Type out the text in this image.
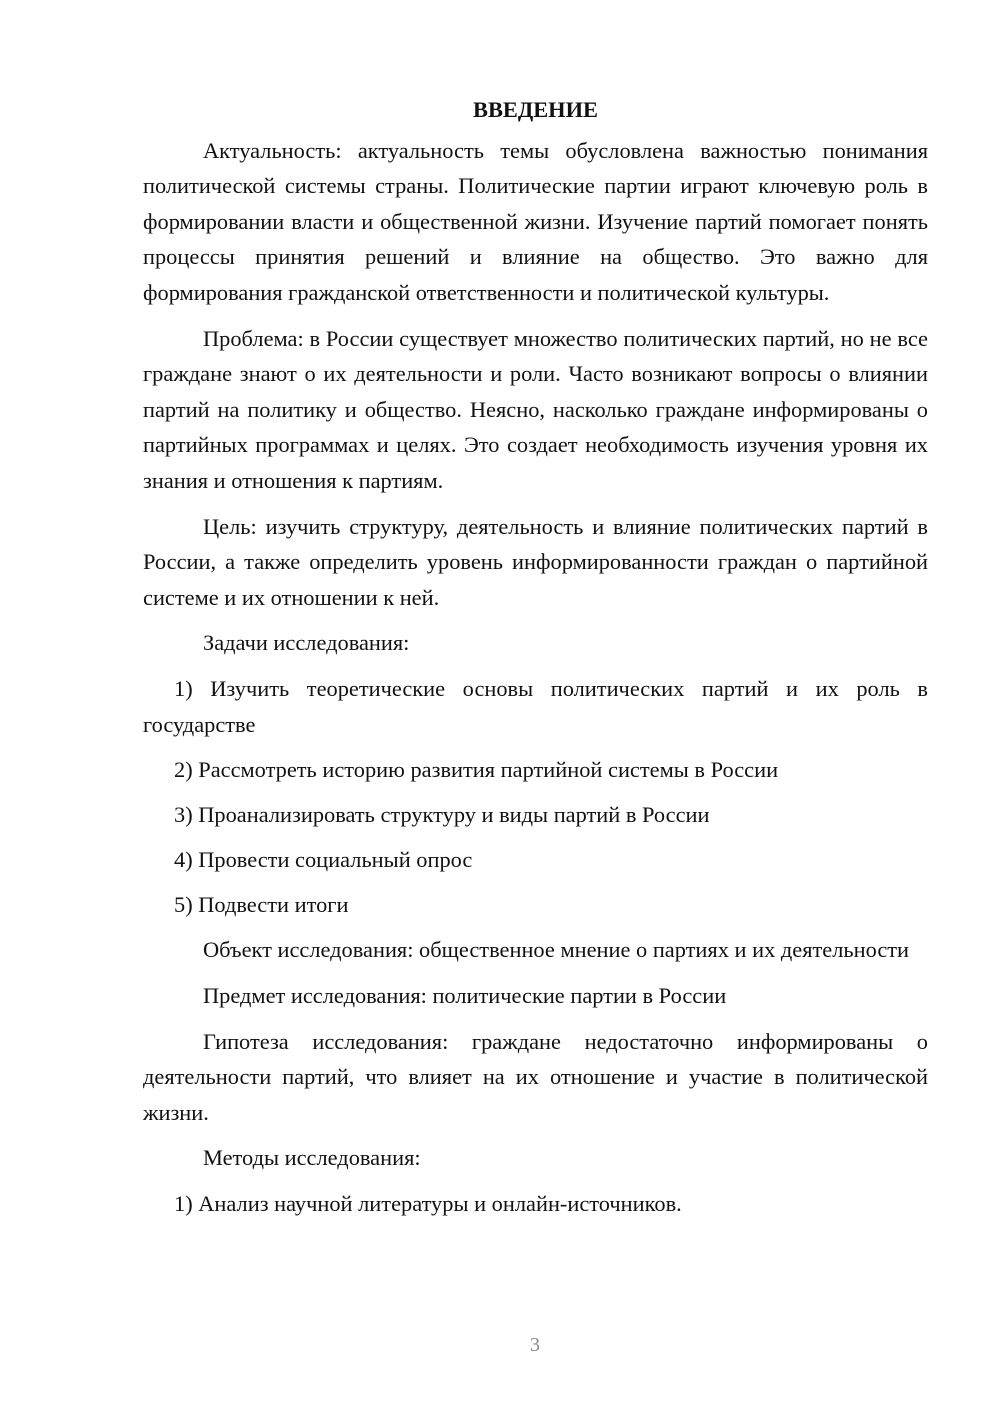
ВВЕДЕНИЕ

Актуальность: актуальность темы обусловлена важностью понимания политической системы страны. Политические партии играют ключевую роль в формировании власти и общественной жизни. Изучение партий помогает понять процессы принятия решений и влияние на общество. Это важно для формирования гражданской ответственности и политической культуры.

Проблема: в России существует множество политических партий, но не все граждане знают о их деятельности и роли. Часто возникают вопросы о влиянии партий на политику и общество. Неясно, насколько граждане информированы о партийных программах и целях. Это создает необходимость изучения уровня их знания и отношения к партиям.

Цель: изучить структуру, деятельность и влияние политических партий в России, а также определить уровень информированности граждан о партийной системе и их отношении к ней.

Задачи исследования:

1) Изучить теоретические основы политических партий и их роль в государстве

2) Рассмотреть историю развития партийной системы в России

3) Проанализировать структуру и виды партий в России

4) Провести социальный опрос

5) Подвести итоги

Объект исследования: общественное мнение о партиях и их деятельности

Предмет исследования: политические партии в России

Гипотеза исследования: граждане недостаточно информированы о деятельности партий, что влияет на их отношение и участие в политической жизни.

Методы исследования:

1) Анализ научной литературы и онлайн-источников.

3
